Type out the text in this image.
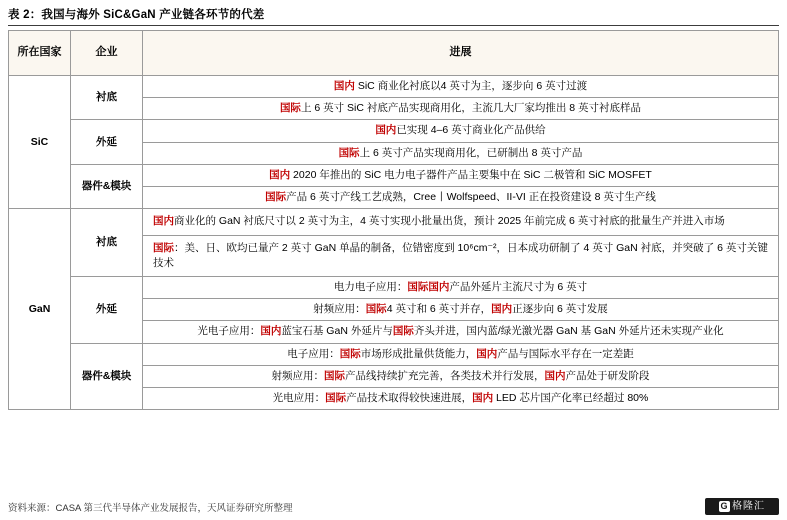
表 2：我国与海外 SiC&GaN 产业链各环节的代差
所在国家	企业	进展
SiC	衬底	国内 SiC 商业化衬底以4 英寸为主，逐步向 6 英寸过渡
		国际上 6 英寸 SiC 衬底产品实现商用化，主流几大厂家均推出 8 英寸衬底样品
	外延	国内已实现 4–6 英寸商业化产品供给
		国际上 6 英寸产品实现商用化，已研制出 8 英寸产品
	器件&模块	国内 2020 年推出的 SiC 电力电子器件产品主要集中在 SiC 二极管和 SiC MOSFET
		国际产品 6 英寸产线工艺成熟，Cree丨Wolfspeed、II-VI 正在投资建设 8 英寸生产线
GaN	衬底	国内商业化的 GaN 衬底尺寸以 2 英寸为主，4 英寸实现小批量出货，预计 2025 年前完成 6 英寸衬底的批量生产并进入市场
		国际：美、日、欧均已量产 2 英寸 GaN 单晶的制备，位错密度到 10⁶cm⁻²，日本成功研制了 4 英寸 GaN 衬底，并突破了 6 英寸关键技术
	外延	电力电子应用：国际国内产品外延片主流尺寸为 6 英寸
		射频应用：国际4 英寸和 6 英寸并存，国内正逐步向 6 英寸发展
		光电子应用：国内蓝宝石基 GaN 外延片与国际齐头并进，国内蓝/绿光激光器 GaN 基 GaN 外延片还未实现产业化
	器件&模块	电子应用：国际市场形成批量供货能力，国内产品与国际水平存在一定差距
		射频应用：国际产品线持续扩充完善，各类技术并行发展，国内产品处于研发阶段
		光电应用：国际产品技术取得较快速进展，国内 LED 芯片国产化率已经超过 80%
资料来源：CASA 第三代半导体产业发展报告，天风证券研究所整理	G 格隆汇
